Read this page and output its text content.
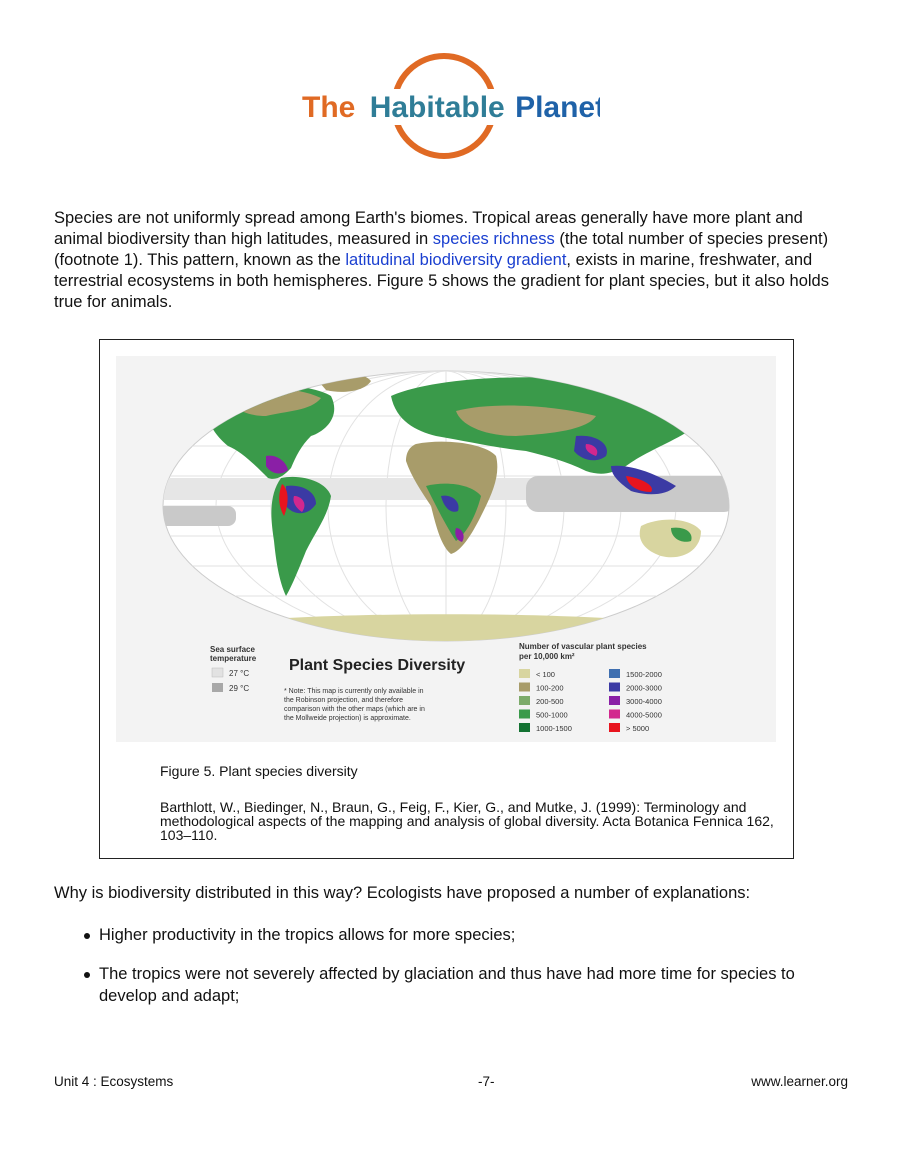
The Habitable Planet

Species are not uniformly spread among Earth's biomes. Tropical areas generally have more plant and animal biodiversity than high latitudes, measured in species richness (the total number of species present) (footnote 1). This pattern, known as the latitudinal biodiversity gradient, exists in marine, freshwater, and terrestrial ecosystems in both hemispheres. Figure 5 shows the gradient for plant species, but it also holds true for animals.

Sea surface
temperature
27 °C
29 °C
Plant Species Diversity
* Note: This map is currently only available in
the Robinson projection, and therefore
comparison with the other maps (which are in
the Mollweide projection) is approximate.
Number of vascular plant species
per 10,000 km²
< 100
100-200
200-500
500-1000
1000-1500
1500-2000
2000-3000
3000-4000
4000-5000
> 5000

Figure 5. Plant species diversity

Barthlott, W., Biedinger, N., Braun, G., Feig, F., Kier, G., and Mutke, J. (1999): Terminology and methodological aspects of the mapping and analysis of global diversity. Acta Botanica Fennica 162, 103–110.

Why is biodiversity distributed in this way? Ecologists have proposed a number of explanations:

Higher productivity in the tropics allows for more species;
The tropics were not severely affected by glaciation and thus have had more time for species to develop and adapt;
Unit 4 : Ecosystems	-7-	www.learner.org
